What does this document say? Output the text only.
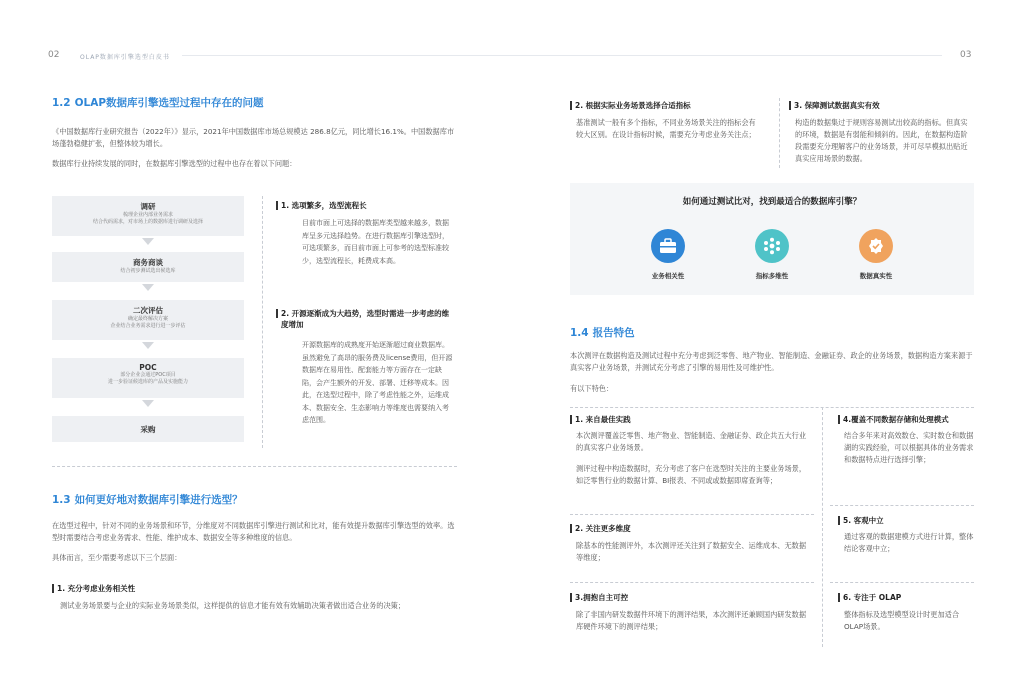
02	OLAP数据库引擎选型白皮书	03
1.2 OLAP数据库引擎选型过程中存在的问题
《中国数据库行业研究报告（2022年）》显示，2021年中国数据库市场总规模达 286.8亿元，同比增长16.1%。中国数据库市场蓬勃稳健扩张，但整体较为增长。
数据库行业持续发展的同时，在数据库引擎选型的过程中也存在着以下问题：
调研
梳理企业内部业务需求
结合代码需求，对市场上的数据库进行调研及选择
商务商谈
结合初步测试选出候选库
二次评估
确定最终解决方案
企业结合业务需求进行进一步评估
POC
部分企业会通过POC项目
进一步验证候选库的产品及实施能力
采购
1. 选项繁多，选型流程长
目前市面上可选择的数据库类型越来越多，数据库呈多元选择趋势。在进行数据库引擎选型时，可选项繁多，而目前市面上可参考的选型标准较少，选型流程长，耗费成本高。
2. 开源逐渐成为大趋势，选型时需进一步考虑的维度增加
开源数据库的成熟度开始逐渐超过商业数据库。虽然避免了高昂的服务费及license费用，但开源数据库在易用性、配套能力等方面存在一定缺陷，会产生额外的开发、部署、迁移等成本。因此，在选型过程中，除了考虑性能之外，运维成本、数据安全、生态影响力等维度也需要纳入考虑范围。
1.3 如何更好地对数据库引擎进行选型？
在选型过程中，针对不同的业务场景和环节，分维度对不同数据库引擎进行测试和比对，能有效提升数据库引擎选型的效率。选型时需要结合考虑业务需求、性能、维护成本、数据安全等多种维度的信息。
具体而言，至少需要考虑以下三个层面：
1. 充分考虑业务相关性
测试业务场景要与企业的实际业务场景类似，这样提供的信息才能有效有效辅助决策者做出适合业务的决策；
2. 根据实际业务场景选择合适指标
基准测试一般有多个指标，不同业务场景关注的指标会有较大区别。在设计指标时候，需要充分考虑业务关注点；
3. 保障测试数据真实有效
构造的数据集过于规则容易测试出较高的指标。但真实的环境，数据是有弱能和倾斜的。因此，在数据构造阶段需要充分理解客户的业务场景，并可尽早模拟出贴近真实应用场景的数据。
如何通过测试比对，找到最适合的数据库引擎？
业务相关性	指标多维性	数据真实性
1.4 报告特色
本次测评在数据构造及测试过程中充分考虑到泛零售、地产物业、智能制造、金融证券、政企的业务场景，数据构造方案来源于真实客户业务场景，并测试充分考虑了引擎的易用性及可维护性。
有以下特色：
1. 来自最佳实践
本次测评覆盖泛零售、地产物业、智能制造、金融证券、政企共五大行业的真实客户业务场景。
测评过程中构造数据时，充分考虑了客户在选型时关注的主要业务场景，如泛零售行业的数据计算、BI报表、不同或或数据即席查询等；
2. 关注更多维度
除基本的性能测评外，本次测评还关注到了数据安全、运维成本、无数据等维度；
3.拥抱自主可控
除了非国内研发数据件环境下的测评结果，本次测评还兼顾国内研发数据库硬件环境下的测评结果；
4.覆盖不同数据存储和处理模式
结合多年来对高效数仓、实时数仓和数据湖的实践经验，可以根据具体的业务需求和数据特点进行选择引擎；
5. 客观中立
通过客观的数据建模方式进行计算，整体结论客观中立；
6. 专注于 OLAP
整体指标及选型模型设计时更加适合 OLAP场景。
